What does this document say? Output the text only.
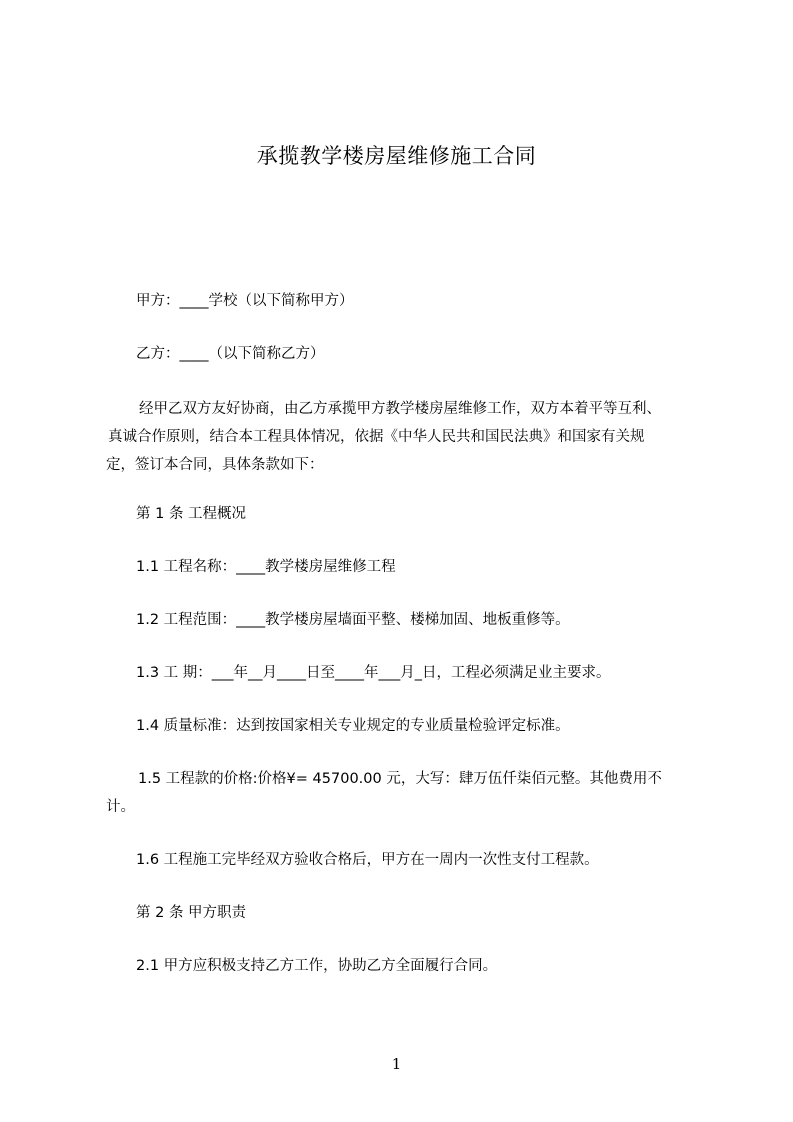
承揽教学楼房屋维修施工合同
甲方：____学校（以下简称甲方）
乙方：____（以下简称乙方）
经甲乙双方友好协商，由乙方承揽甲方教学楼房屋维修工作，双方本着平等互利、
真诚合作原则，结合本工程具体情况，依据《中华人民共和国民法典》和国家有关规
定，签订本合同，具体条款如下：
第 1 条 工程概况
1.1 工程名称：____教学楼房屋维修工程
1.2 工程范围：____教学楼房屋墙面平整、楼梯加固、地板重修等。
1.3 工 期：___年__月____日至____年___月_日，工程必须满足业主要求。
1.4 质量标准：达到按国家相关专业规定的专业质量检验评定标准。
1.5 工程款的价格:价格¥= 45700.00 元，大写：肆万伍仟柒佰元整。其他费用不
计。
1.6 工程施工完毕经双方验收合格后，甲方在一周内一次性支付工程款。
第 2 条 甲方职责
2.1 甲方应积极支持乙方工作，协助乙方全面履行合同。
1
